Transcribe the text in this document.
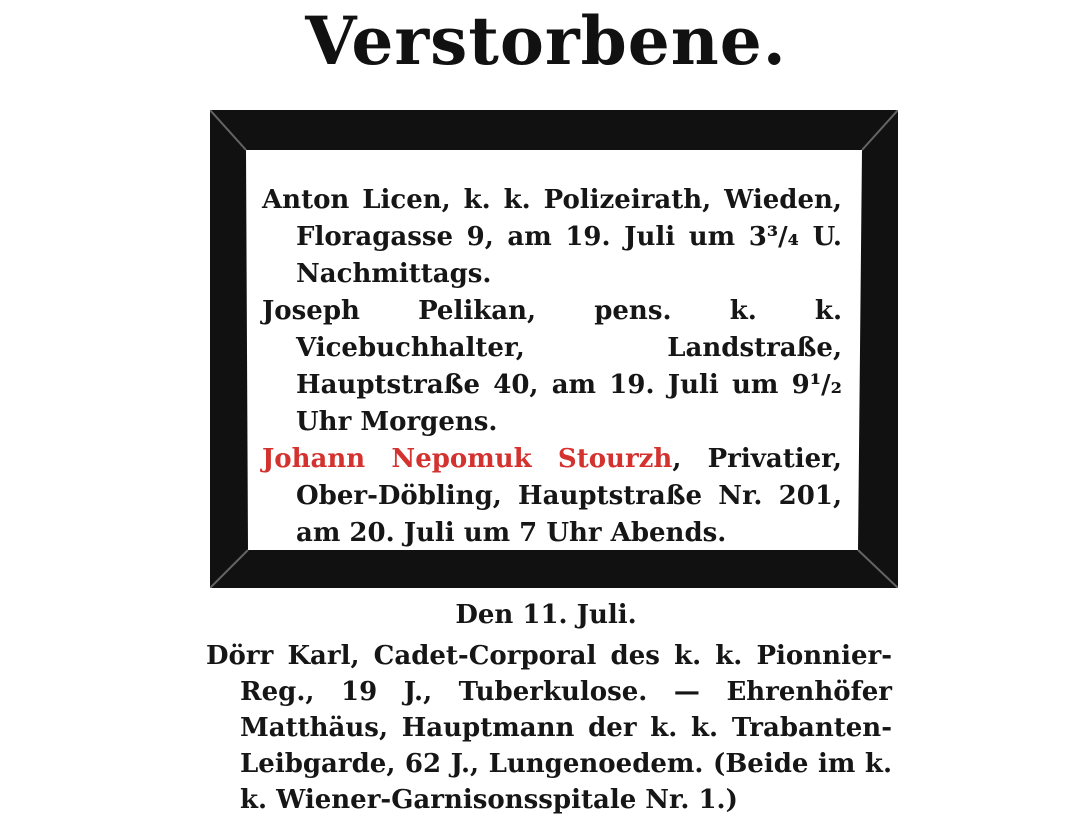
Verstorbene.
Anton Licen, k. k. Polizeirath, Wieden, Floragasse 9, am 19. Juli um 3³/₄ U. Nachmittags.
Joseph Pelikan, pens. k. k. Vicebuchhalter, Landstraße, Hauptstraße 40, am 19. Juli um 9¹/₂ Uhr Morgens.
Johann Nepomuk Stourzh, Privatier, Ober-Döbling, Hauptstraße Nr. 201, am 20. Juli um 7 Uhr Abends.
Den 11. Juli.
Dörr Karl, Cadet-Corporal des k. k. Pionnier-Reg., 19 J., Tuberkulose. — Ehrenhöfer Matthäus, Hauptmann der k. k. Trabanten-Leibgarde, 62 J., Lungenoedem. (Beide im k. k. Wiener-Garnisonsspitale Nr. 1.)
